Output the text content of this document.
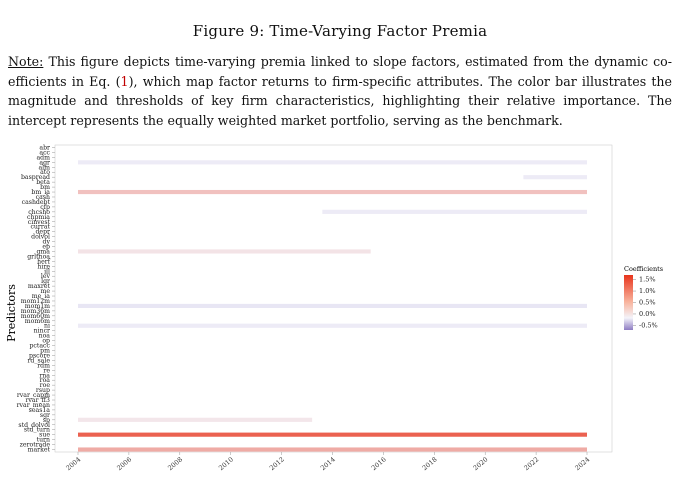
Figure 9: Time-Varying Factor Premia
Note: This figure depicts time-varying premia linked to slope factors, estimated from the dynamic co-efficients in Eq. (1), which map factor returns to firm-specific attributes. The color bar illustrates the magnitude and thresholds of key firm characteristics, highlighting their relative importance. The intercept represents the equally weighted market portfolio, serving as the benchmark.
abr
acc
adm
agr
alm
ato
baspread
beta
bm
bm_ia
cash
cashdebt
cfp
chcsho
chpmia
cinvest
currat
depr
dolvol
dy
ep
gma
grltnoa
herf
hire
ill
lev
lgr
maxret
me
me_ia
mom12m
mom1m
mom36m
mom60m
mom6m
ni
nincr
noa
op
pctacc
pm
pscore
rd_sale
rdm
re
rna
roa
roe
rsup
rvar_capm
rvar_ff3
rvar_mean
seas1a
sgr
sp
std_dolvol
std_turn
sue
turn
zerotrade
market
2004	2006	2008	2010	2012	2014	2016	2018	2020	2022	2024
Predictors
Coefficients
1.5%
1.0%
0.5%
0.0%
-0.5%
